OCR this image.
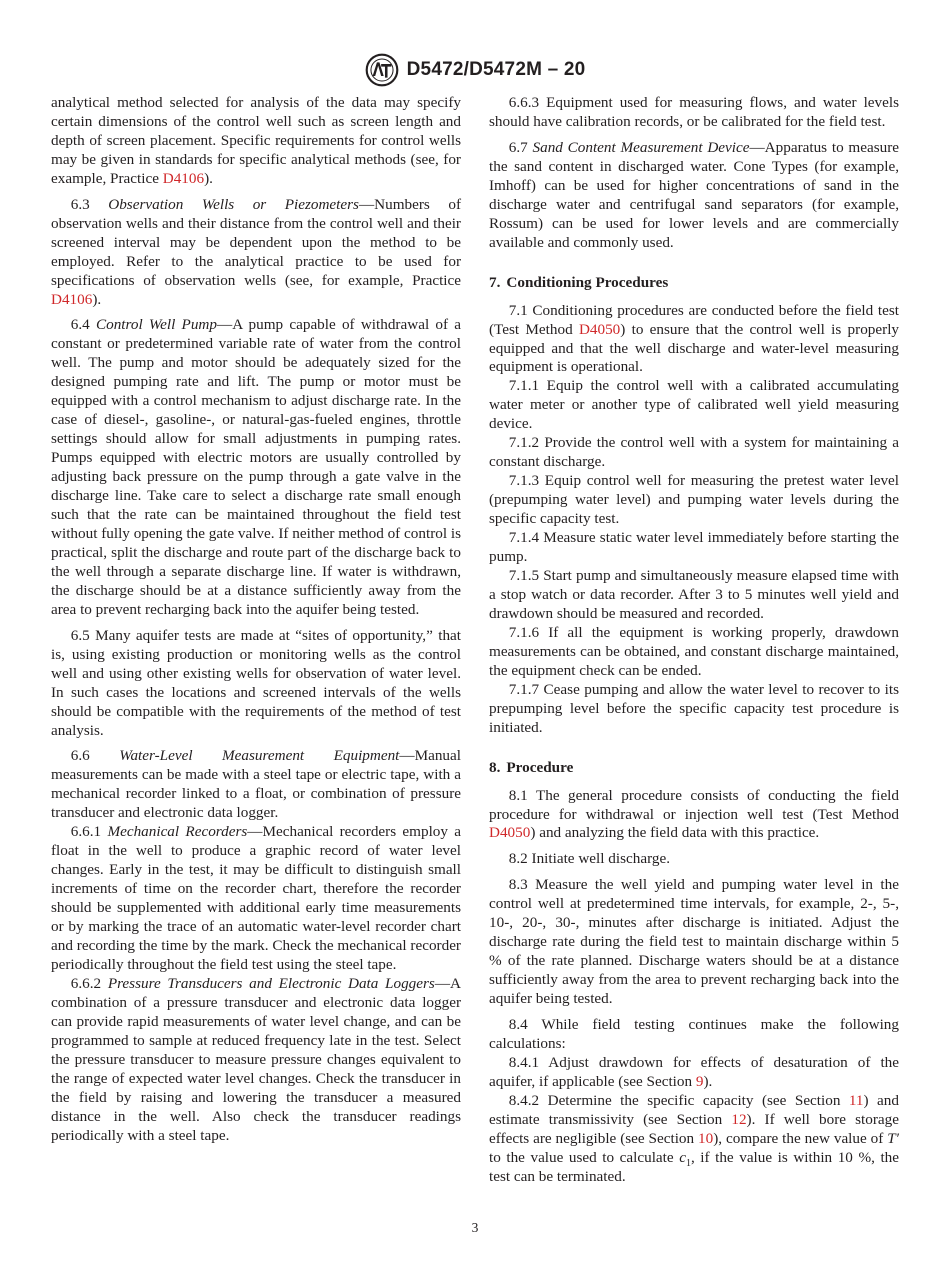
D5472/D5472M – 20

analytical method selected for analysis of the data may specify certain dimensions of the control well such as screen length and depth of screen placement. Specific requirements for control wells may be given in standards for specific analytical methods (see, for example, Practice D4106).

6.3 Observation Wells or Piezometers—Numbers of observation wells and their distance from the control well and their screened interval may be dependent upon the method to be employed. Refer to the analytical practice to be used for specifications of observation wells (see, for example, Practice D4106).

6.4 Control Well Pump—A pump capable of withdrawal of a constant or predetermined variable rate of water from the control well. The pump and motor should be adequately sized for the designed pumping rate and lift. The pump or motor must be equipped with a control mechanism to adjust discharge rate. In the case of diesel-, gasoline-, or natural-gas-fueled engines, throttle settings should allow for small adjustments in pumping rates. Pumps equipped with electric motors are usually controlled by adjusting back pressure on the pump through a gate valve in the discharge line. Take care to select a discharge rate small enough such that the rate can be maintained throughout the field test without fully opening the gate valve. If neither method of control is practical, split the discharge and route part of the discharge back to the well through a separate discharge line. If water is withdrawn, the discharge should be at a distance sufficiently away from the area to prevent recharging back into the aquifer being tested.

6.5 Many aquifer tests are made at “sites of opportunity,” that is, using existing production or monitoring wells as the control well and using other existing wells for observation of water level. In such cases the locations and screened intervals of the wells should be compatible with the requirements of the method of test analysis.

6.6 Water-Level Measurement Equipment—Manual measurements can be made with a steel tape or electric tape, with a mechanical recorder linked to a float, or combination of pressure transducer and electronic data logger.

6.6.1 Mechanical Recorders—Mechanical recorders employ a float in the well to produce a graphic record of water level changes. Early in the test, it may be difficult to distinguish small increments of time on the recorder chart, therefore the recorder should be supplemented with additional early time measurements or by marking the trace of an automatic water-level recorder chart and recording the time by the mark. Check the mechanical recorder periodically throughout the field test using the steel tape.

6.6.2 Pressure Transducers and Electronic Data Loggers—A combination of a pressure transducer and electronic data logger can provide rapid measurements of water level change, and can be programmed to sample at reduced frequency late in the test. Select the pressure transducer to measure pressure changes equivalent to the range of expected water level changes. Check the transducer in the field by raising and lowering the transducer a measured distance in the well. Also check the transducer readings periodically with a steel tape.

6.6.3 Equipment used for measuring flows, and water levels should have calibration records, or be calibrated for the field test.

6.7 Sand Content Measurement Device—Apparatus to measure the sand content in discharged water. Cone Types (for example, Imhoff) can be used for higher concentrations of sand in the discharge water and centrifugal sand separators (for example, Rossum) can be used for lower levels and are commercially available and commonly used.

7. Conditioning Procedures

7.1 Conditioning procedures are conducted before the field test (Test Method D4050) to ensure that the control well is properly equipped and that the well discharge and water-level measuring equipment is operational.

7.1.1 Equip the control well with a calibrated accumulating water meter or another type of calibrated well yield measuring device.

7.1.2 Provide the control well with a system for maintaining a constant discharge.

7.1.3 Equip control well for measuring the pretest water level (prepumping water level) and pumping water levels during the specific capacity test.

7.1.4 Measure static water level immediately before starting the pump.

7.1.5 Start pump and simultaneously measure elapsed time with a stop watch or data recorder. After 3 to 5 minutes well yield and drawdown should be measured and recorded.

7.1.6 If all the equipment is working properly, drawdown measurements can be obtained, and constant discharge maintained, the equipment check can be ended.

7.1.7 Cease pumping and allow the water level to recover to its prepumping level before the specific capacity test procedure is initiated.

8. Procedure

8.1 The general procedure consists of conducting the field procedure for withdrawal or injection well test (Test Method D4050) and analyzing the field data with this practice.

8.2 Initiate well discharge.

8.3 Measure the well yield and pumping water level in the control well at predetermined time intervals, for example, 2-, 5-, 10-, 20-, 30-, minutes after discharge is initiated. Adjust the discharge rate during the field test to maintain discharge within 5 % of the rate planned. Discharge waters should be at a distance sufficiently away from the area to prevent recharging back into the aquifer being tested.

8.4 While field testing continues make the following calculations:

8.4.1 Adjust drawdown for effects of desaturation of the aquifer, if applicable (see Section 9).

8.4.2 Determine the specific capacity (see Section 11) and estimate transmissivity (see Section 12). If well bore storage effects are negligible (see Section 10), compare the new value of T′ to the value used to calculate $c_1$, if the value is within 10 %, the test can be terminated.

3
